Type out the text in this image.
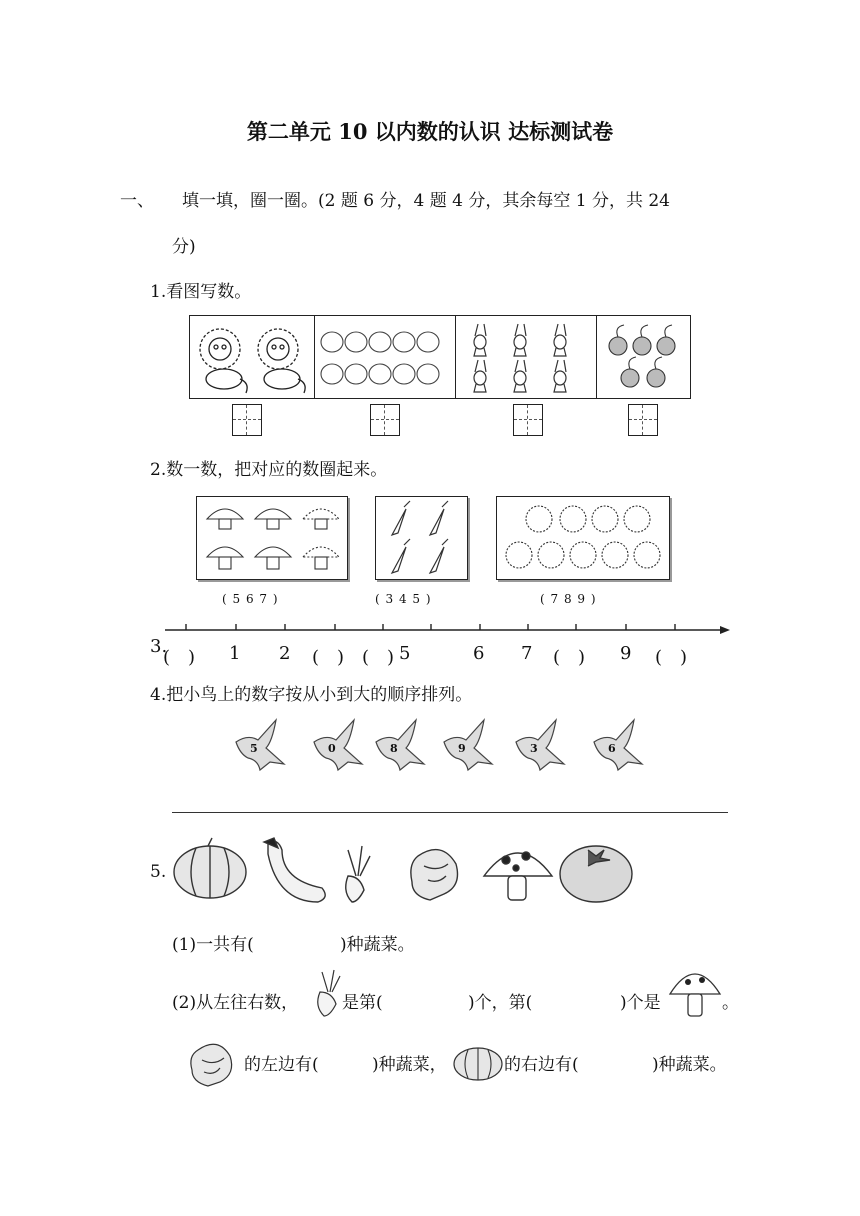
第二单元 10 以内数的认识 达标测试卷
一、 填一填，圈一圈。(2 题 6 分，4 题 4 分，其余每空 1 分，共 24
分)
1.看图写数。
2.数一数，把对应的数圈起来。
( 5 6 7 )	( 3 4 5 )	( 7 8 9 )
3.
(　) 1 2 (　) (　) 5	6 7 (　) 9 (　)
4.把小鸟上的数字按从小到大的顺序排列。
5	0	8	9	3	6
5.
(1)一共有(	)种蔬菜。
(2)从左往右数，	是第(	)个，第(	)个是	。
的左边有(	)种蔬菜，	的右边有(	)种蔬菜。
